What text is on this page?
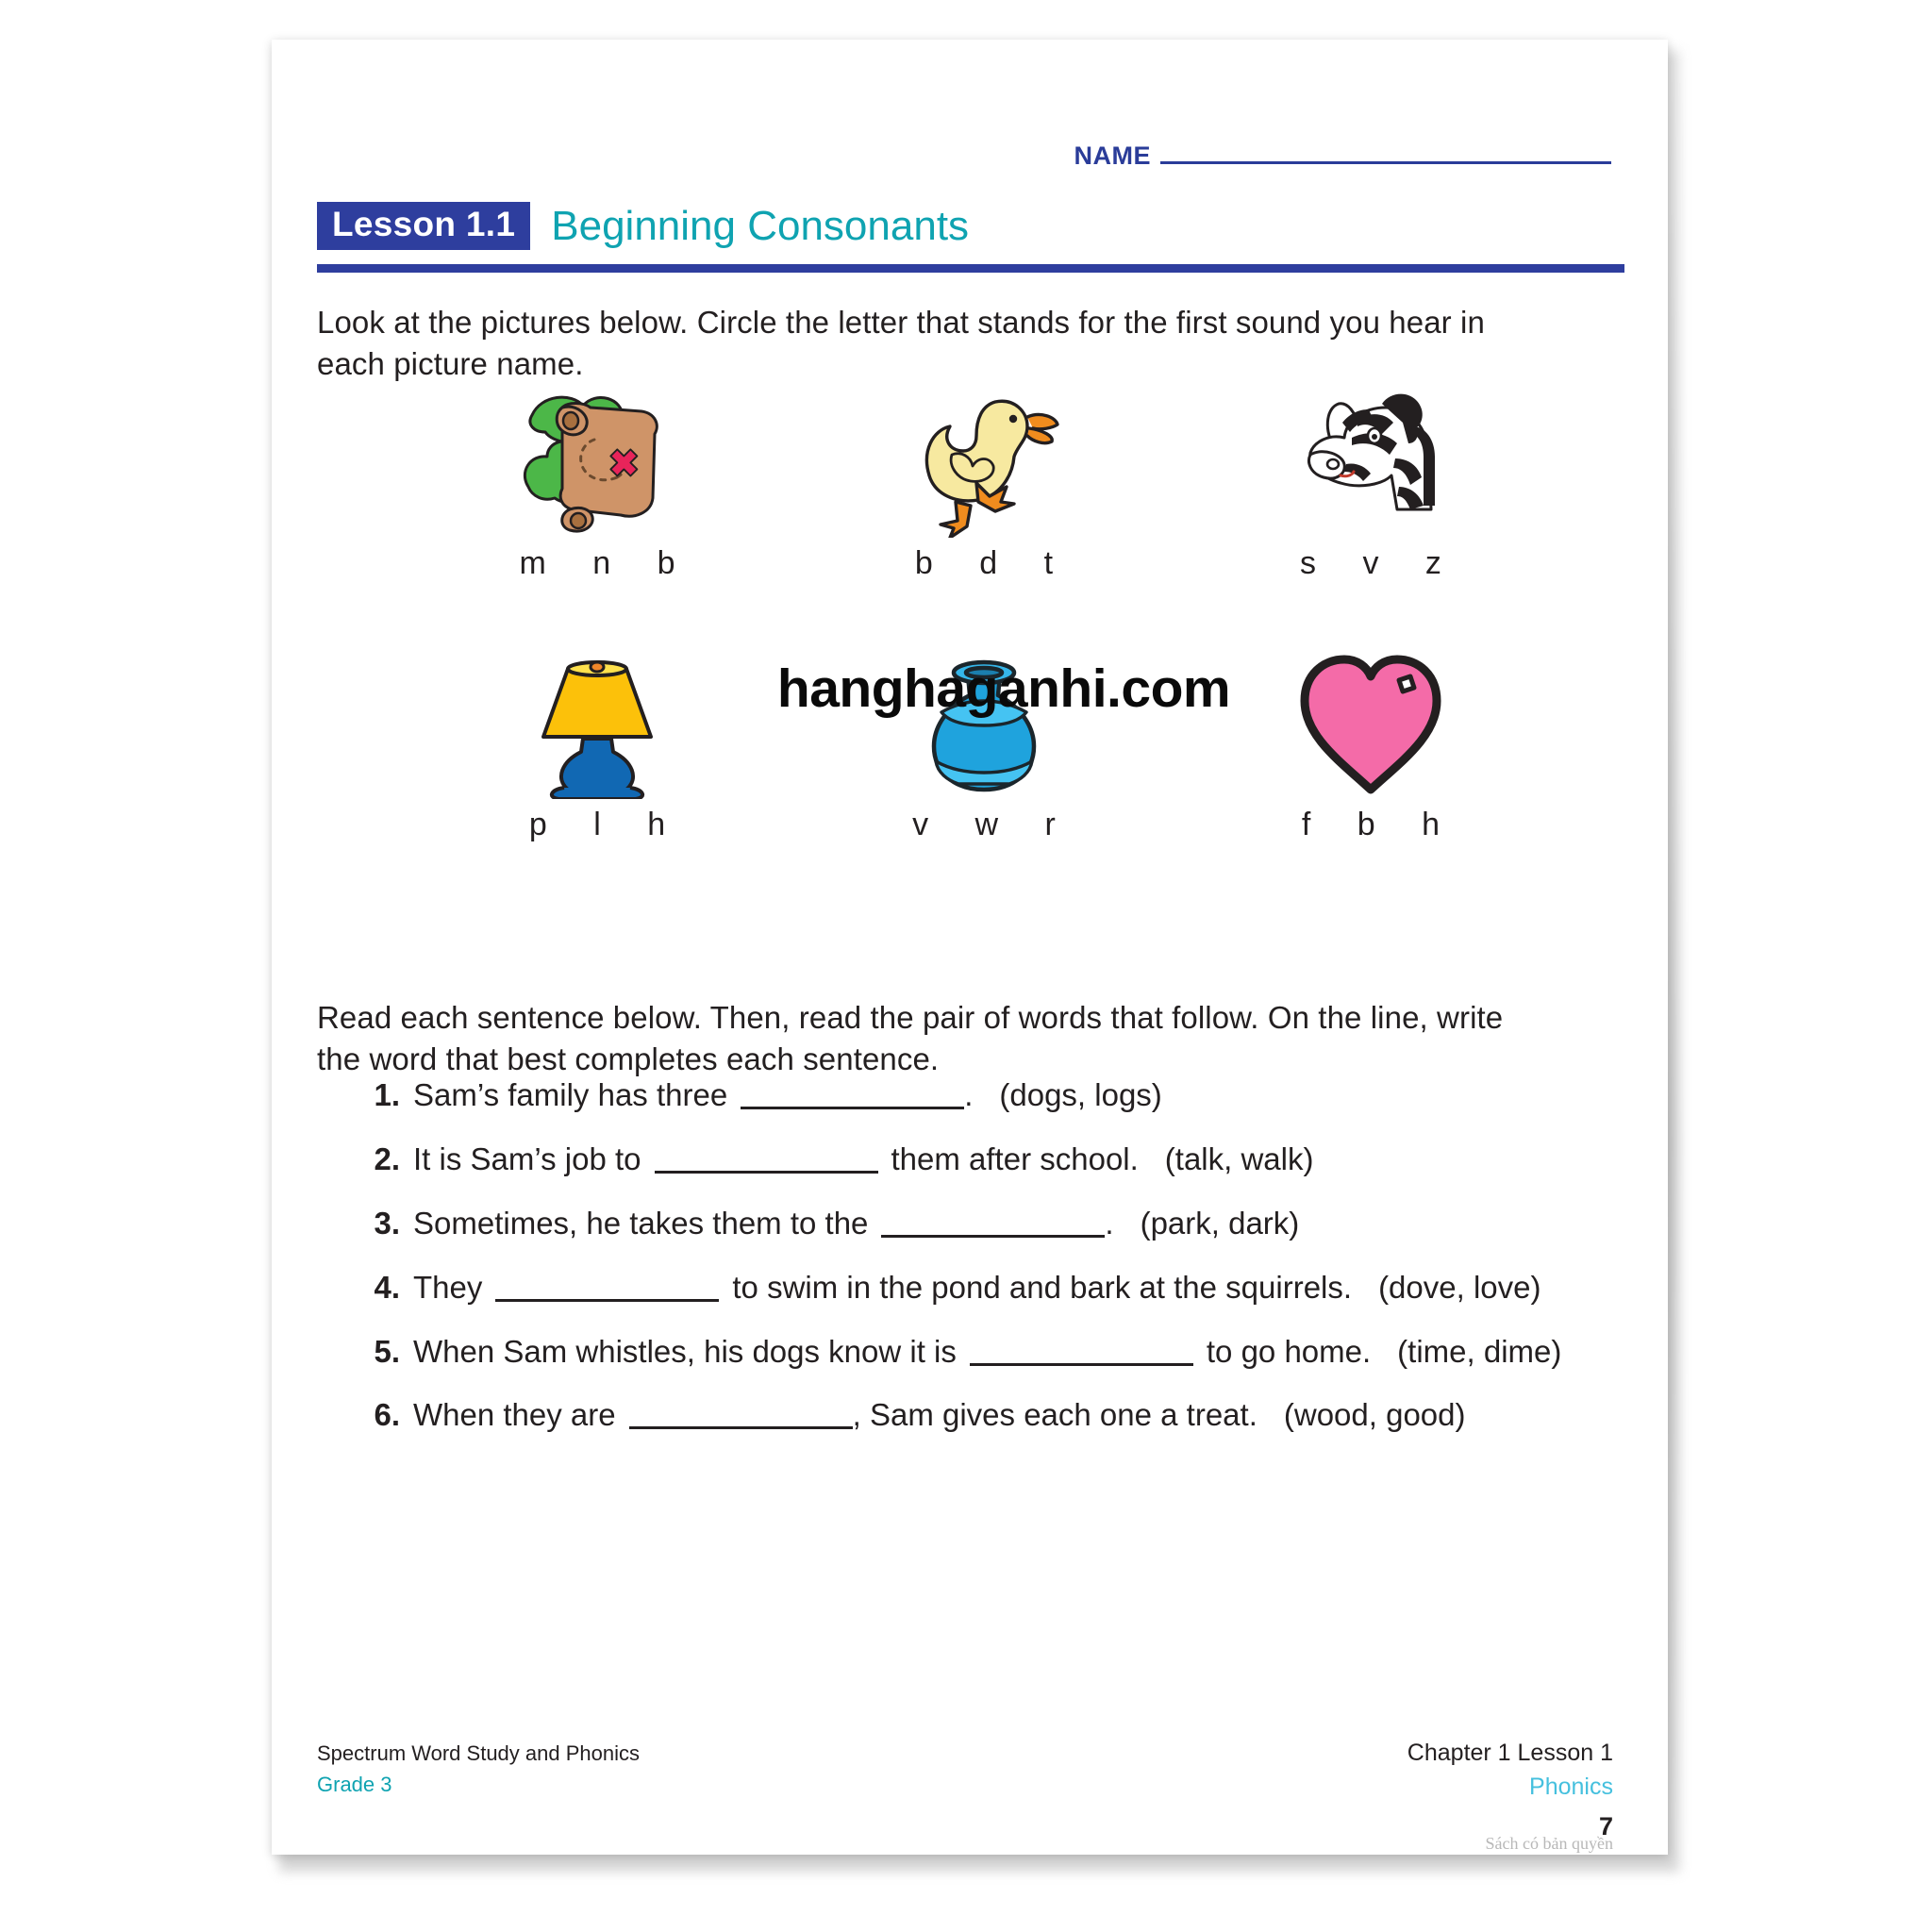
NAME
Lesson 1.1 Beginning Consonants
Look at the pictures below. Circle the letter that stands for the first sound you hear in each picture name.
m n b	b d t	s v z
p l h	v w r	f b h
Read each sentence below. Then, read the pair of words that follow. On the line, write the word that best completes each sentence.
1. Sam’s family has three	. (dogs, logs)
2. It is Sam’s job to	them after school. (talk, walk)
3. Sometimes, he takes them to the	. (park, dark)
4. They	to swim in the pond and bark at the squirrels. (dove, love)
5. When Sam whistles, his dogs know it is	to go home. (time, dime)
6. When they are	, Sam gives each one a treat. (wood, good)
Spectrum Word Study and Phonics
Grade 3
Chapter 1 Lesson 1
Phonics
7
Sách có bản quyền
hanghaganhi.com
